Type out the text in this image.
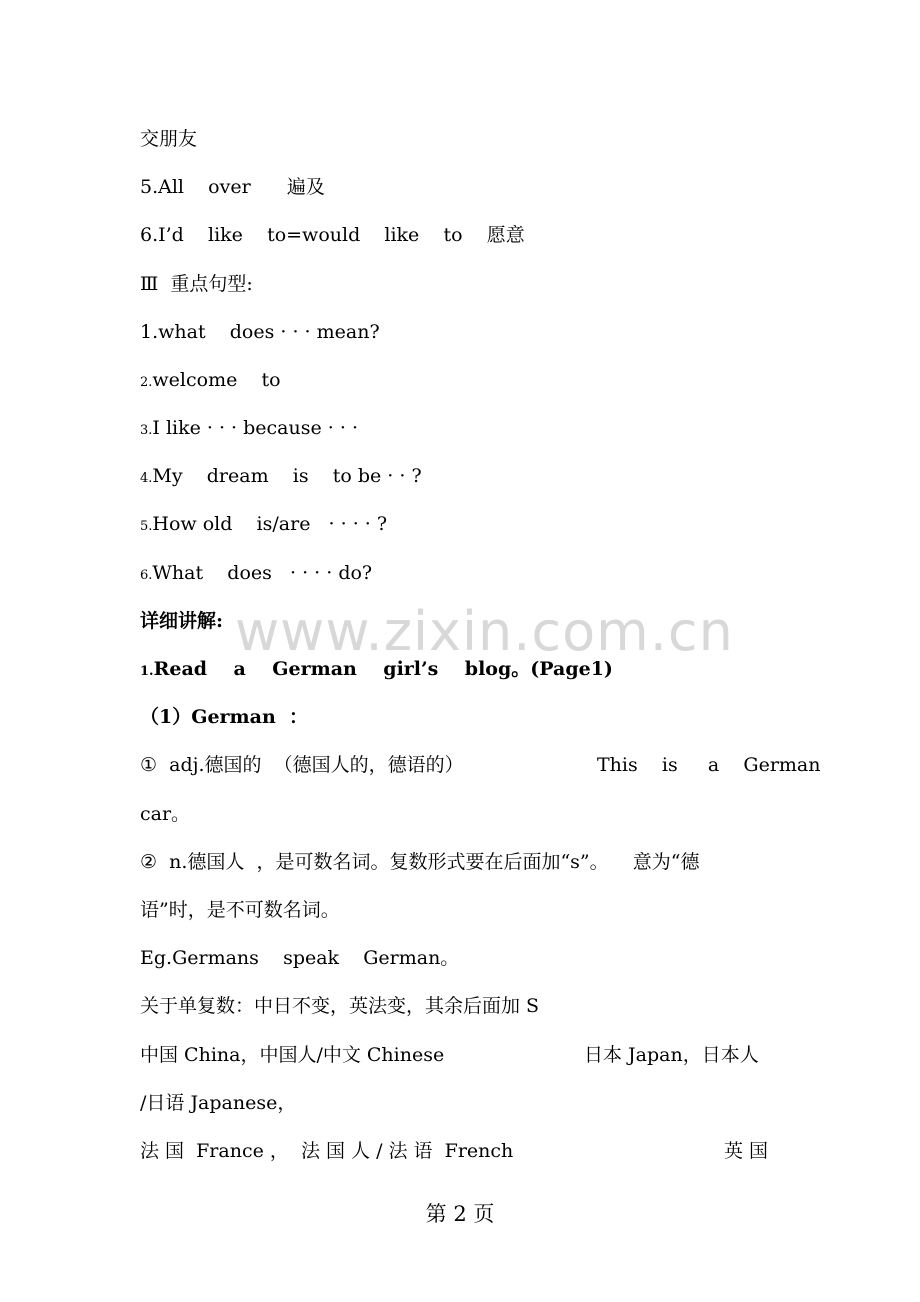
交朋友
5.All    over      遍及
6.I’d    like    to=would    like    to    愿意
Ⅲ  重点句型:
1.what    does · · · mean?
2.welcome    to
3.I like · · · because · · ·
4.My    dream    is    to be · · ?
5.How old    is/are   · · · · ?
6.What    does   · · · · do?
详细讲解: www.zixin.com.cn
1.Read    a    German    girl’s    blog。(Page1)
（1）German  ：
①  adj.德国的  （德国人的，德语的）	This    is     a    German
car。
②  n.德国人  ，是可数名词。复数形式要在后面加“s”。    意为“德
语”时，是不可数名词。
Eg.Germans    speak    German。
关于单复数：中日不变，英法变，其余后面加 S
中国 China，中国人/中文 Chinese	日本 Japan，日本人
/日语 Japanese，
法 国  France ，  法 国 人 / 法 语  French	英 国
第 2 页
